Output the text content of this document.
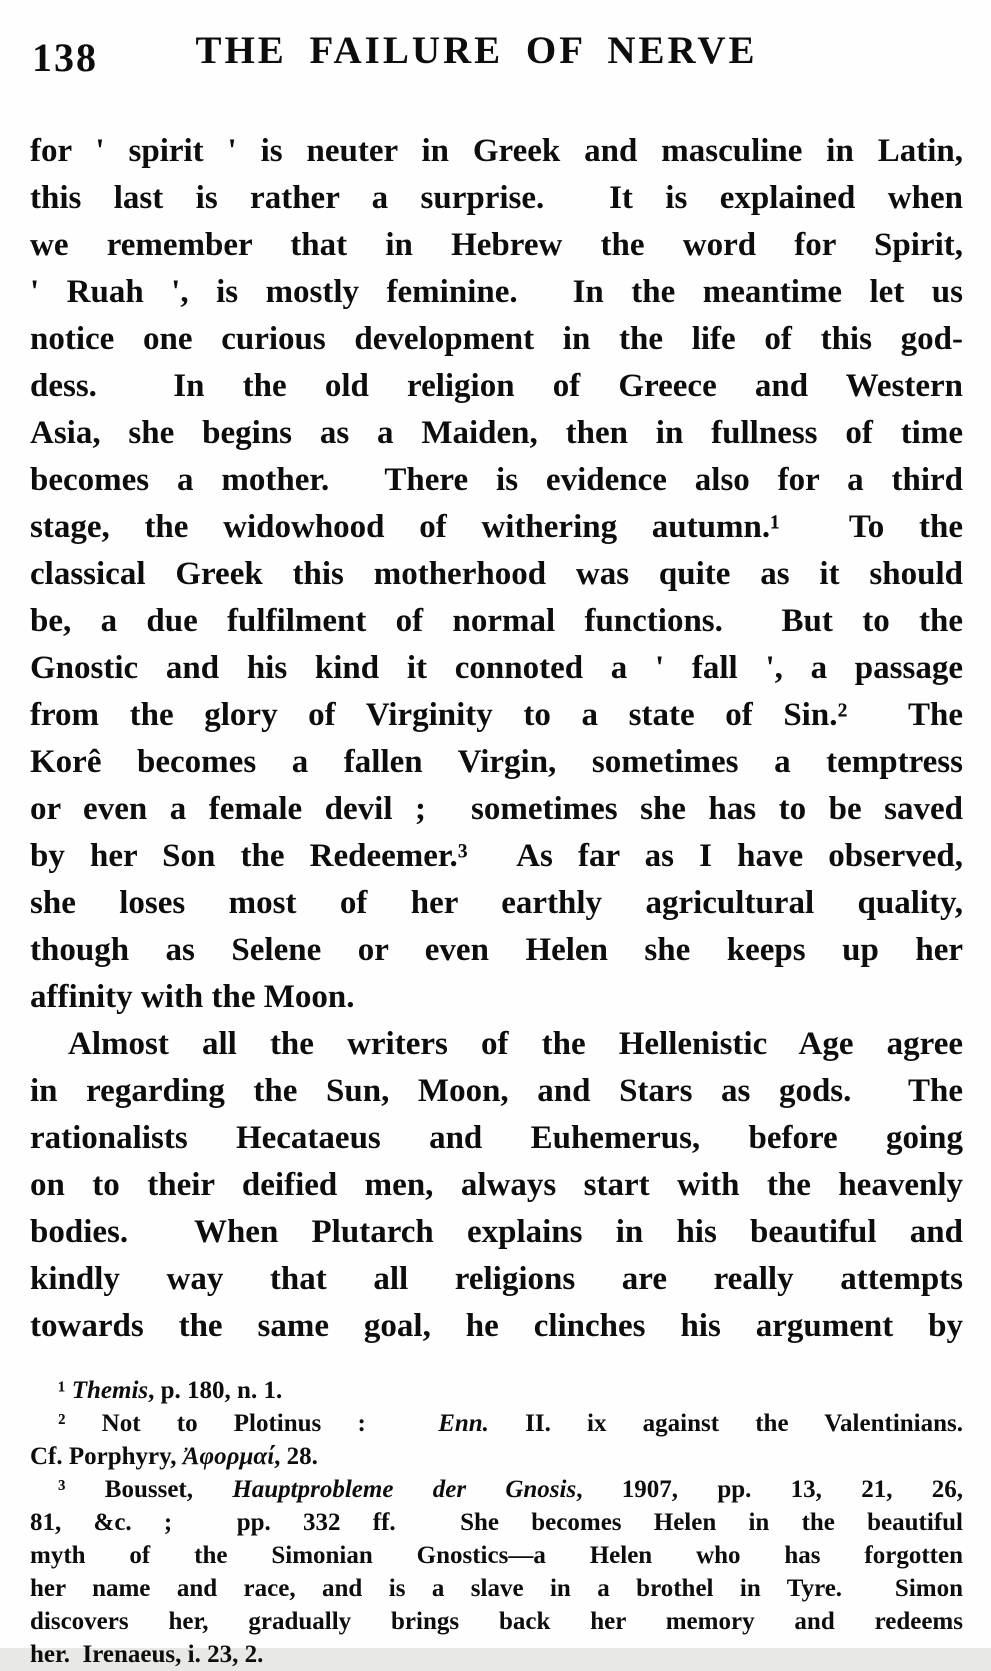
138	THE FAILURE OF NERVE
for ' spirit ' is neuter in Greek and masculine in Latin,
this last is rather a surprise.  It is explained when
we remember that in Hebrew the word for Spirit,
' Ruah ', is mostly feminine.  In the meantime let us
notice one curious development in the life of this god-
dess.  In the old religion of Greece and Western
Asia, she begins as a Maiden, then in fullness of time
becomes a mother.  There is evidence also for a third
stage, the widowhood of withering autumn.¹  To the
classical Greek this motherhood was quite as it should
be, a due fulfilment of normal functions.  But to the
Gnostic and his kind it connoted a ' fall ', a passage
from the glory of Virginity to a state of Sin.²  The
Korê becomes a fallen Virgin, sometimes a temptress
or even a female devil ;  sometimes she has to be saved
by her Son the Redeemer.³  As far as I have observed,
she loses most of her earthly agricultural quality,
though as Selene or even Helen she keeps up her
affinity with the Moon.
Almost all the writers of the Hellenistic Age agree
in regarding the Sun, Moon, and Stars as gods.  The
rationalists Hecataeus and Euhemerus, before going
on to their deified men, always start with the heavenly
bodies.  When Plutarch explains in his beautiful and
kindly way that all religions are really attempts
towards the same goal, he clinches his argument by
¹ Themis, p. 180, n. 1.
² Not to Plotinus :  Enn. II. ix against the Valentinians.
Cf. Porphyry, Ἀφορμαί, 28.
³ Bousset, Hauptprobleme der Gnosis, 1907, pp. 13, 21, 26,
81, &c. ;  pp. 332 ff.  She becomes Helen in the beautiful
myth of the Simonian Gnostics—a Helen who has forgotten
her name and race, and is a slave in a brothel in Tyre.  Simon
discovers her, gradually brings back her memory and redeems
her.  Irenaeus, i. 23, 2.
